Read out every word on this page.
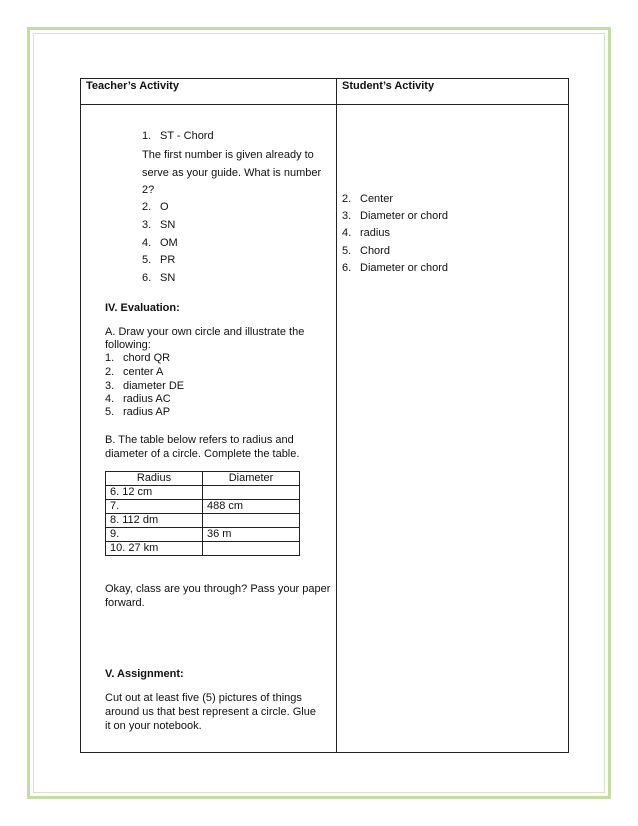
Teacher’s Activity	Student’s Activity
1. ST - Chord
The first number is given already to
serve as your guide. What is number
2?
2. O
3. SN
4. OM
5. PR
6. SN
IV. Evaluation:
A. Draw your own circle and illustrate the
following:
1. chord QR
2. center A
3. diameter DE
4. radius AC
5. radius AP
B. The table below refers to radius and
diameter of a circle. Complete the table.
Radius	Diameter
6. 12 cm	
7.	488 cm
8. 112 dm	
9.	36 m
10. 27 km	
Okay, class are you through? Pass your paper
forward.
V. Assignment:
Cut out at least five (5) pictures of things
around us that best represent a circle. Glue
it on your notebook.
2. Center
3. Diameter or chord
4. radius
5. Chord
6. Diameter or chord
